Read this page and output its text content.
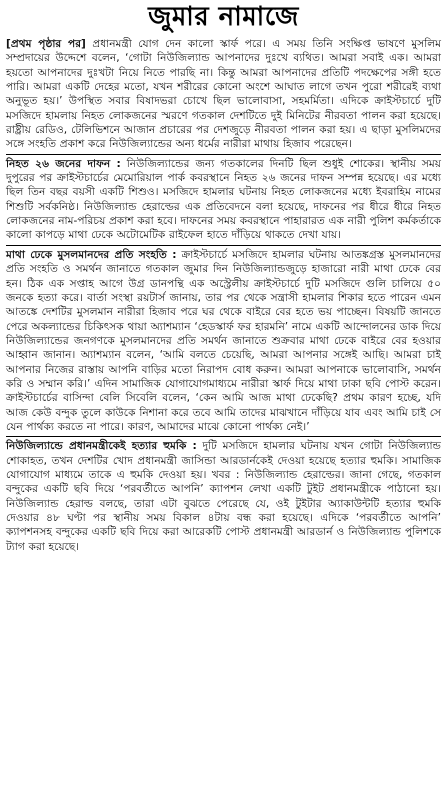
জুমার নামাজে

[প্রথম পৃষ্ঠার পর] প্রধানমন্ত্রী যোগ দেন কালো স্কার্ফ পরে। এ সময় তিনি সংক্ষিপ্ত ভাষণে মুসলিম সম্প্রদায়ের উদ্দেশে বলেন, ‘গোটা নিউজিল্যান্ড আপনাদের দুঃখে ব্যথিত। আমরা সবাই এক। আমরা হয়তো আপনাদের দুঃখটা নিয়ে নিতে পারছি না। কিন্তু আমরা আপনাদের প্রতিটি পদক্ষেপের সঙ্গী হতে পারি। আমরা একটি দেহের মতো, যখন শরীরের কোনো অংশে আঘাত লাগে তখন পুরো শরীরেই ব্যথা অনুভূত হয়।’ উপস্থিত সবার বিষাদভরা চোখে ছিল ভালোবাসা, সহমর্মিতা। এদিকে ক্রাইস্টচার্চে দুটি মসজিদে হামলায় নিহত লোকজনের স্মরণে গতকাল দেশটিতে দুই মিনিটের নীরবতা পালন করা হয়েছে। রাষ্ট্রীয় রেডিও, টেলিভিশনে আজান প্রচারের পর দেশজুড়ে নীরবতা পালন করা হয়। এ ছাড়া মুসলিমদের সঙ্গে সংহতি প্রকাশ করে নিউজিল্যান্ডের অন্য ধর্মের নারীরা মাথায় হিজাব পরেছেন।

নিহত ২৬ জনের দাফন : নিউজিল্যান্ডের জন্য গতকালের দিনটি ছিল শুধুই শোকের। স্থানীয় সময় দুপুরের পর ক্রাইস্টচার্চের মেমোরিয়াল পার্ক কবরস্থানে নিহত ২৬ জনের দাফন সম্পন্ন হয়েছে। এর মধ্যে ছিল তিন বছর বয়সী একটি শিশুও। মসজিদে হামলার ঘটনায় নিহত লোকজনের মধ্যে ইবরাহিম নামের শিশুটি সর্বকনিষ্ঠ। নিউজিল্যান্ড হেরাল্ডের এক প্রতিবেদনে বলা হয়েছে, দাফনের পর ধীরে ধীরে নিহত লোকজনের নাম-পরিচয় প্রকাশ করা হবে। দাফনের সময় কবরস্থানে পাহারারত এক নারী পুলিশ কর্মকর্তাকে কালো কাপড়ে মাথা ঢেকে অটোমেটিক রাইফেল হাতে দাঁড়িয়ে থাকতে দেখা যায়।

মাথা ঢেকে মুসলমানদের প্রতি সংহতি : ক্রাইস্টচার্চে মসজিদে হামলার ঘটনায় আতঙ্কগ্রস্ত মুসলমানদের প্রতি সংহতি ও সমর্থন জানাতে গতকাল জুমার দিন নিউজিল্যান্ডজুড়ে হাজারো নারী মাথা ঢেকে বের হন। ঠিক এক সপ্তাহ আগে উগ্র ডানপন্থি এক অস্ট্রেলীয় ক্রাইস্টচার্চে দুটি মসজিদে গুলি চালিয়ে ৫০ জনকে হত্যা করে। বার্তা সংস্থা রয়টার্স জানায়, তার পর থেকে সন্ত্রাসী হামলার শিকার হতে পারেন এমন আতঙ্কে দেশটির মুসলমান নারীরা হিজাব পরে ঘর থেকে বাইরে বের হতে ভয় পাচ্ছেন। বিষয়টি জানতে পেরে অকল্যান্ডের চিকিৎসক থায়া অ্যাশম্যান ‘হেডস্কার্ফ ফর হারমনি’ নামে একটি আন্দোলনের ডাক দিয়ে নিউজিল্যান্ডের জনগণকে মুসলমানদের প্রতি সমর্থন জানাতে শুক্রবার মাথা ঢেকে বাইরে বের হওয়ার আহ্বান জানান। অ্যাশম্যান বলেন, ‘আমি বলতে চেয়েছি, আমরা আপনার সঙ্গেই আছি। আমরা চাই আপনার নিজের রাস্তায় আপনি বাড়ির মতো নিরাপদ বোধ করুন। আমরা আপনাকে ভালোবাসি, সমর্থন করি ও সম্মান করি।’ এদিন সামাজিক যোগাযোগমাধ্যমে নারীরা স্কার্ফ দিয়ে মাথা ঢাকা ছবি পোস্ট করেন। ক্রাইস্টচার্চের বাসিন্দা বেলি সিবেলি বলেন, ‘কেন আমি আজ মাথা ঢেকেছি? প্রথম কারণ হচ্ছে, যদি আজ কেউ বন্দুক তুলে কাউকে নিশানা করে তবে আমি তাদের মাঝখানে দাঁড়িয়ে যাব এবং আমি চাই সে যেন পার্থক্য করতে না পারে। কারণ, আমাদের মাঝে কোনো পার্থক্য নেই।’

নিউজিল্যান্ডে প্রধানমন্ত্রীকেই হত্যার হুমকি : দুটি মসজিদে হামলার ঘটনায় যখন গোটা নিউজিল্যান্ড শোকাহত, তখন দেশটির খোদ প্রধানমন্ত্রী জাসিন্ডা আরডার্নকেই দেওয়া হয়েছে হত্যার হুমকি। সামাজিক যোগাযোগ মাধ্যমে তাকে এ হুমকি দেওয়া হয়। খবর : নিউজিল্যান্ড হেরাল্ডের। জানা গেছে, গতকাল বন্দুকের একটি ছবি দিয়ে ‘পরবর্তীতে আপনি’ ক্যাপশন লেখা একটি টুইট প্রধানমন্ত্রীকে পাঠানো হয়। নিউজিল্যান্ড হেরাল্ড বলছে, তারা এটা বুঝতে পেরেছে যে, ওই টুইটার অ্যাকাউন্টটি হত্যার হুমকি দেওয়ার ৪৮ ঘণ্টা পর স্থানীয় সময় বিকাল ৪টায় বন্ধ করা হয়েছে। এদিকে ‘পরবর্তীতে আপনি’ ক্যাপশনসহ বন্দুকের একটি ছবি দিয়ে করা আরেকটি পোস্ট প্রধানমন্ত্রী আরডার্ন ও নিউজিল্যান্ড পুলিশকে ট্যাগ করা হয়েছে।
